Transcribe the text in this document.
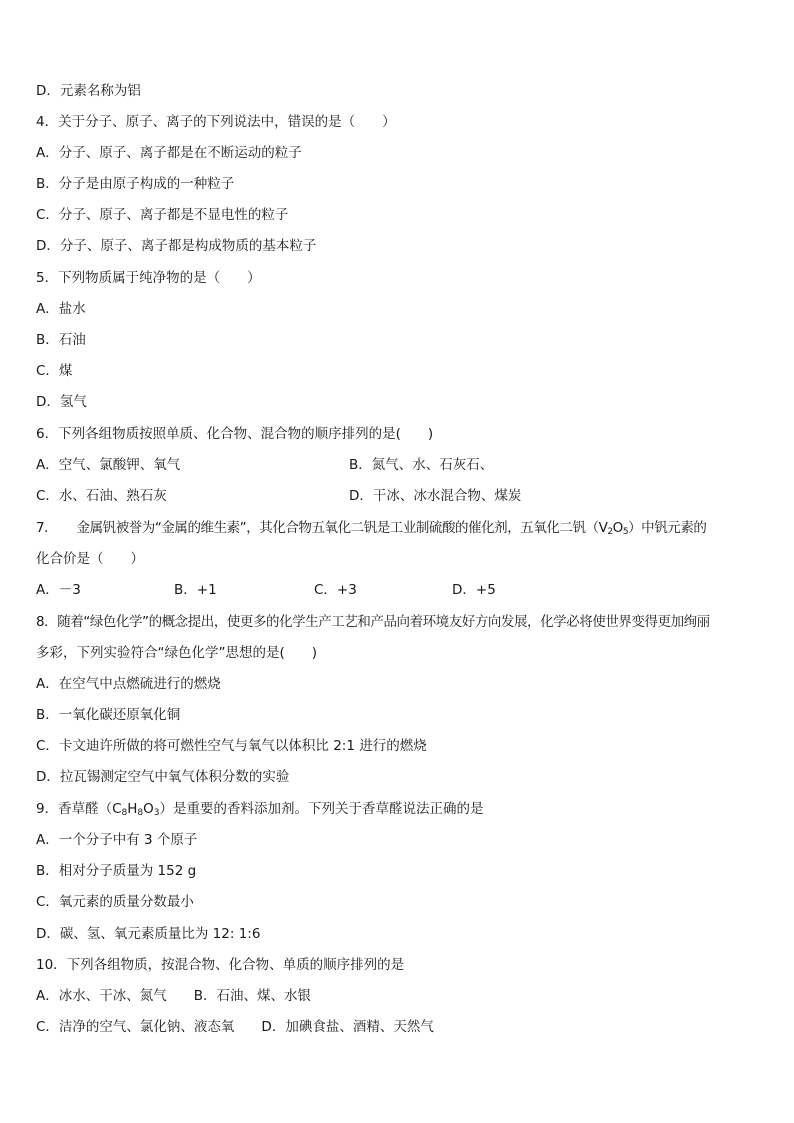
D．元素名称为铝
4．关于分子、原子、离子的下列说法中，错误的是（　　）
A．分子、原子、离子都是在不断运动的粒子
B．分子是由原子构成的一种粒子
C．分子、原子、离子都是不显电性的粒子
D．分子、原子、离子都是构成物质的基本粒子
5．下列物质属于纯净物的是（　　）
A．盐水
B．石油
C．煤
D．氢气
6．下列各组物质按照单质、化合物、混合物的顺序排列的是(　　)
A．空气、氯酸钾、氧气	B．氮气、水、石灰石、
C．水、石油、熟石灰	D．干冰、冰水混合物、煤炭
7．　　金属钒被誉为“金属的维生素”，其化合物五氧化二钒是工业制硫酸的催化剂，五氧化二钒$(V_2O_5)$中钒元素的
化合价是（　　）
A．－3	B．+1	C．+3	D．+5
8．随着“绿色化学”的概念提出，使更多的化学生产工艺和产品向着环境友好方向发展，化学必将使世界变得更加绚丽
多彩，下列实验符合“绿色化学”思想的是(　　)
A．在空气中点燃硫进行的燃烧
B．一氧化碳还原氧化铜
C．卡文迪许所做的将可燃性空气与氧气以体积比 2:1 进行的燃烧
D．拉瓦锡测定空气中氧气体积分数的实验
9．香草醛$(C_8H_8O_3)$是重要的香料添加剂。下列关于香草醛说法正确的是
A．一个分子中有 3 个原子
B．相对分子质量为 152 g
C．氧元素的质量分数最小
D．碳、氢、氧元素质量比为 12: 1:6
10．下列各组物质，按混合物、化合物、单质的顺序排列的是
A．冰水、干冰、氮气　　B．石油、煤、水银
C．洁净的空气、氯化钠、液态氧　　D．加碘食盐、酒精、天然气
